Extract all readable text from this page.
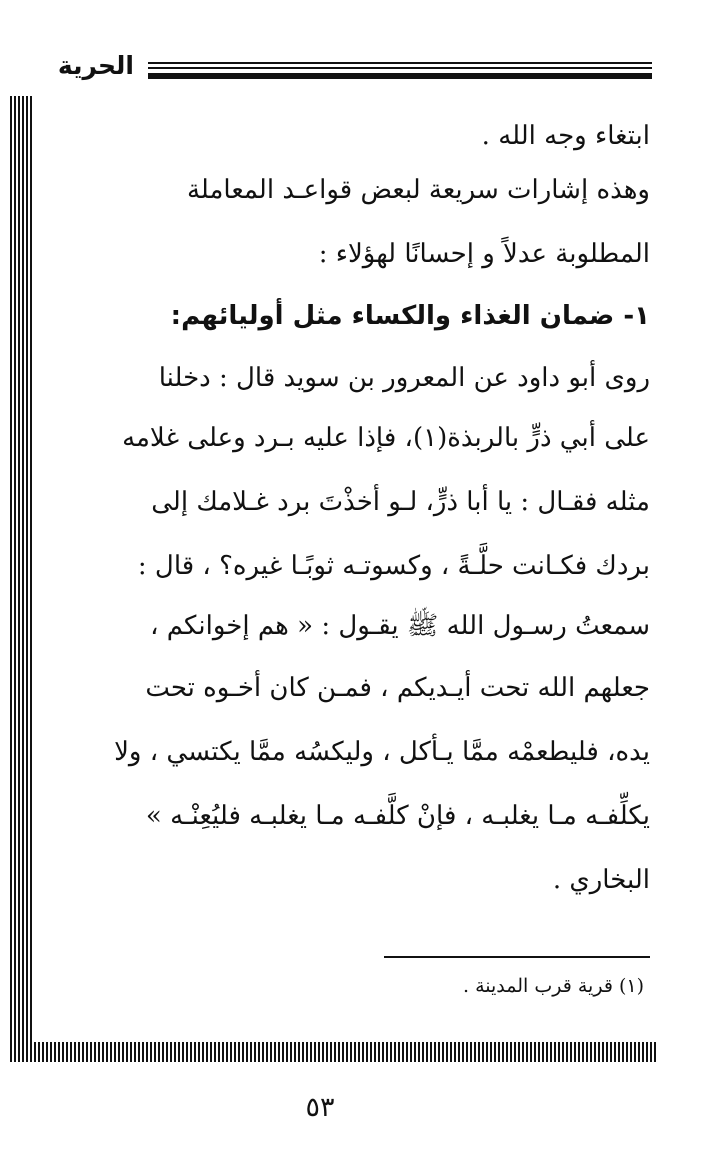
الحرية
ابتغاء وجه الله .
وهذه إشارات سريعة لبعض قواعـد المعاملة
المطلوبة عدلاً و إحسانًا لهؤلاء :
١- ضمان الغذاء والكساء مثل أوليائهم:
روى أبو داود عن المعرور بن سويد قال : دخلنا
على أبي ذرٍّ بالربذة(١)، فإذا عليه بـرد وعلى غلامه
مثله فقـال : يا أبا ذرٍّ، لـو أخذْتَ برد غـلامك إلى
بردك فكـانت حلَّـةً ، وكسوتـه ثوبًـا غيره؟ ، قال :
سمعتُ رسـول الله ﷺ يقـول : « هم إخوانكم ،
جعلهم الله تحت أيـديكم ، فمـن كان أخـوه تحت
يده، فليطعمْه ممَّا يـأكل ، وليكسُه ممَّا يكتسي ، ولا
يكلِّفـه مـا يغلبـه ، فإنْ كلَّفـه مـا يغلبـه فليُعِنْـه »
البخاري .
(١) قرية قرب المدينة .
٥٣
